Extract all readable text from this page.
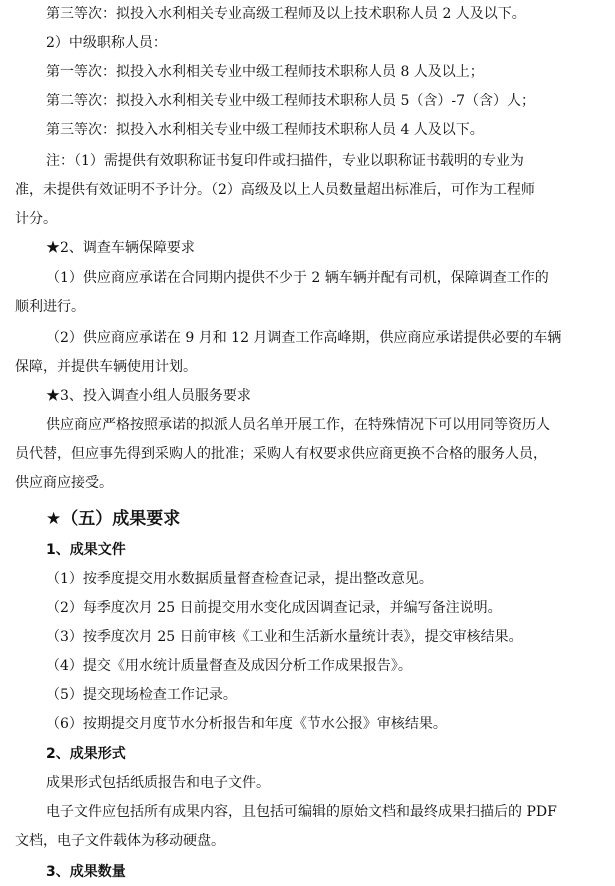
第三等次：拟投入水利相关专业高级工程师及以上技术职称人员 2 人及以下。
2）中级职称人员：
第一等次：拟投入水利相关专业中级工程师技术职称人员 8 人及以上；
第二等次：拟投入水利相关专业中级工程师技术职称人员 5（含）-7（含）人；
第三等次：拟投入水利相关专业中级工程师技术职称人员 4 人及以下。
注：（1）需提供有效职称证书复印件或扫描件，专业以职称证书载明的专业为
准，未提供有效证明不予计分。（2）高级及以上人员数量超出标准后，可作为工程师
计分。
★2、调查车辆保障要求
（1）供应商应承诺在合同期内提供不少于 2 辆车辆并配有司机，保障调查工作的
顺利进行。
（2）供应商应承诺在 9 月和 12 月调查工作高峰期，供应商应承诺提供必要的车辆
保障，并提供车辆使用计划。
★3、投入调查小组人员服务要求
供应商应严格按照承诺的拟派人员名单开展工作，在特殊情况下可以用同等资历人
员代替，但应事先得到采购人的批准；采购人有权要求供应商更换不合格的服务人员，
供应商应接受。
★（五）成果要求
1、成果文件
（1）按季度提交用水数据质量督查检查记录，提出整改意见。
（2）每季度次月 25 日前提交用水变化成因调查记录，并编写备注说明。
（3）按季度次月 25 日前审核《工业和生活新水量统计表》，提交审核结果。
（4）提交《用水统计质量督查及成因分析工作成果报告》。
（5）提交现场检查工作记录。
（6）按期提交月度节水分析报告和年度《节水公报》审核结果。
2、成果形式
成果形式包括纸质报告和电子文件。
电子文件应包括所有成果内容，且包括可编辑的原始文档和最终成果扫描后的 PDF
文档，电子文件载体为移动硬盘。
3、成果数量
